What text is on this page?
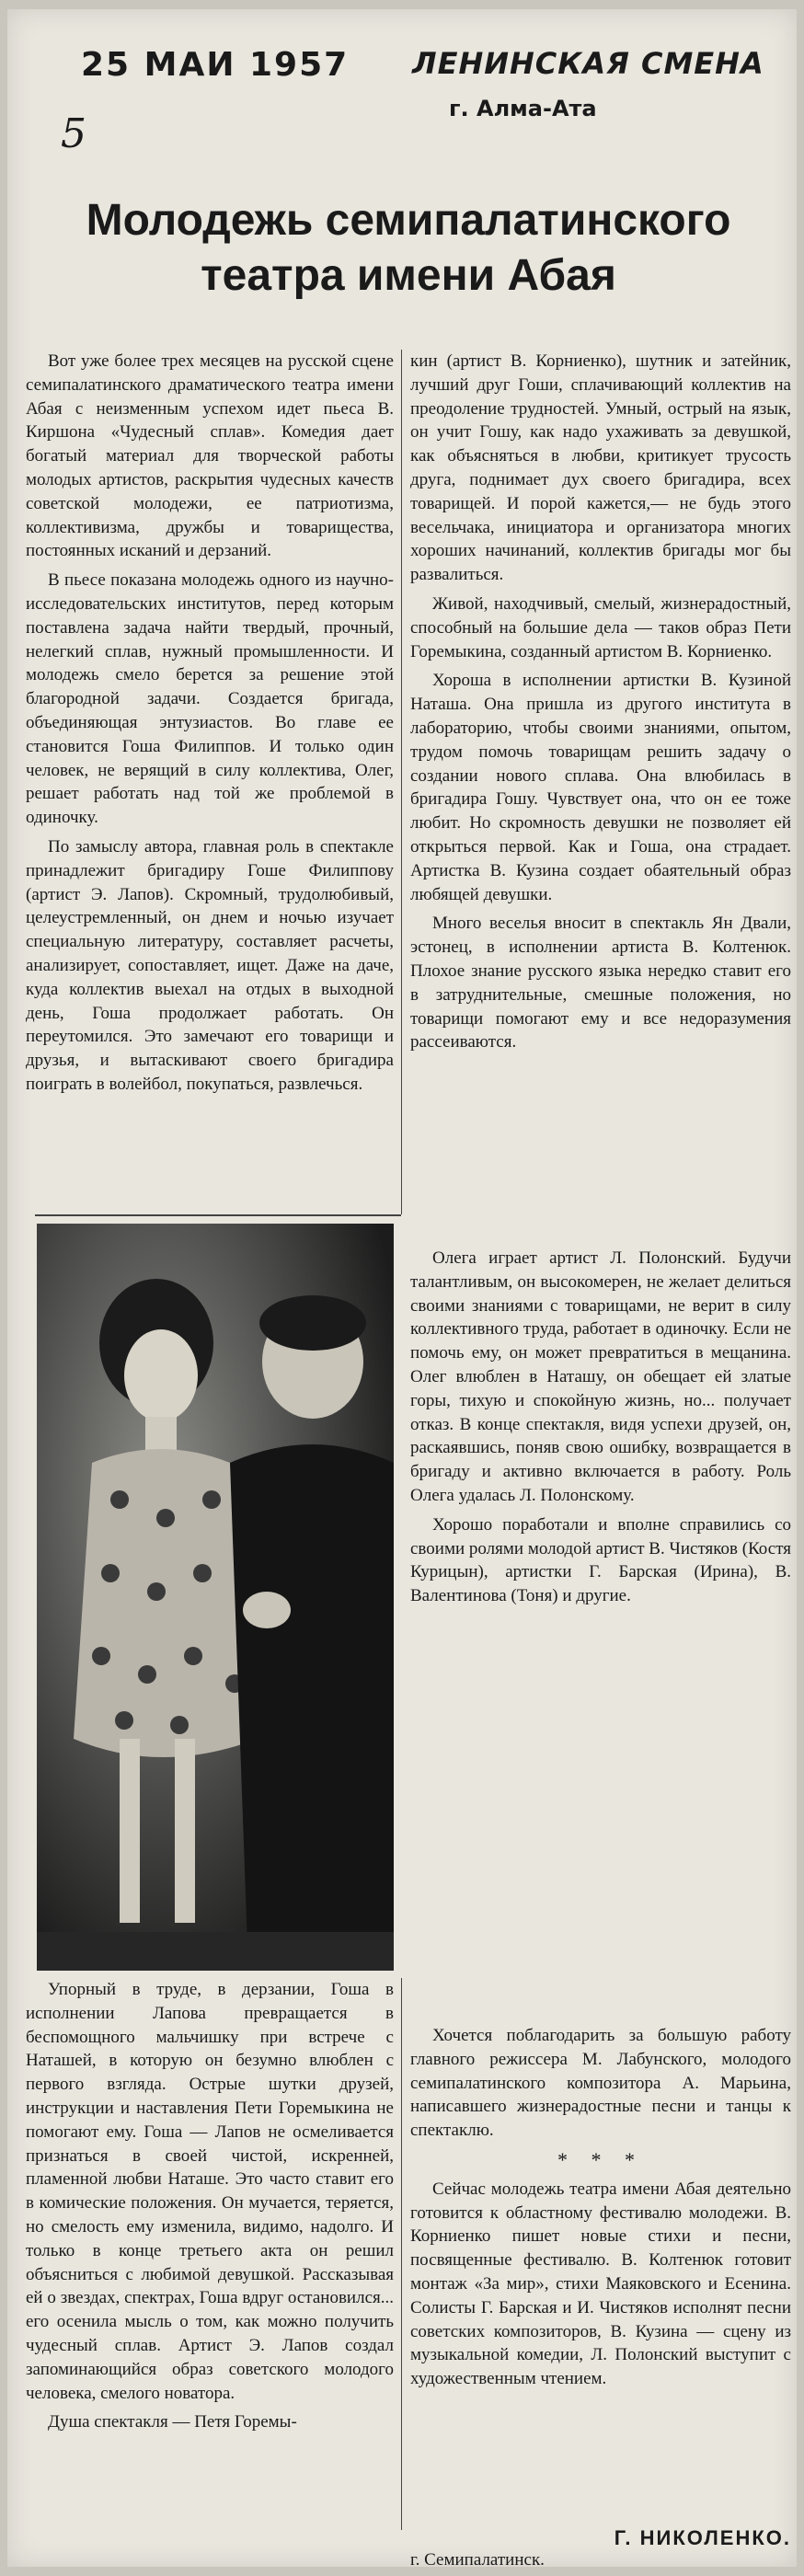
25 МАИ 1957 ЛЕНИНСКАЯ СМЕНА
г. Алма-Ата
5
Молодежь семипалатинского
театра имени Абая

Вот уже более трех месяцев на русской сцене семипалатинского драматического театра имени Абая с неизменным успехом идет пьеса В. Киршона «Чудесный сплав». Комедия дает богатый материал для творческой работы молодых артистов, раскрытия чудесных качеств советской молодежи, ее патриотизма, коллективизма, дружбы и товарищества, постоянных исканий и дерзаний.

В пьесе показана молодежь одного из научно-исследовательских институтов, перед которым поставлена задача найти твердый, прочный, нелегкий сплав, нужный промышленности. И молодежь смело берется за решение этой благородной задачи. Создается бригада, объединяющая энтузиастов. Во главе ее становится Гоша Филиппов. И только один человек, не верящий в силу коллектива, Олег, решает работать над той же проблемой в одиночку.

По замыслу автора, главная роль в спектакле принадлежит бригадиру Гоше Филиппову (артист Э. Лапов). Скромный, трудолюбивый, целеустремленный, он днем и ночью изучает специальную литературу, составляет расчеты, анализирует, сопоставляет, ищет. Даже на даче, куда коллектив выехал на отдых в выходной день, Гоша продолжает работать. Он переутомился. Это замечают его товарищи и друзья, и вытаскивают своего бригадира поиграть в волейбол, покупаться, развлечься.

кин (артист В. Корниенко), шутник и затейник, лучший друг Гоши, сплачивающий коллектив на преодоление трудностей. Умный, острый на язык, он учит Гошу, как надо ухаживать за девушкой, как объясняться в любви, критикует трусость друга, поднимает дух своего бригадира, всех товарищей. И порой кажется,— не будь этого весельчака, инициатора и организатора многих хороших начинаний, коллектив бригады мог бы развалиться.

Живой, находчивый, смелый, жизнерадостный, способный на большие дела — таков образ Пети Горемыкина, созданный артистом В. Корниенко.

Хороша в исполнении артистки В. Кузиной Наташа. Она пришла из другого института в лабораторию, чтобы своими знаниями, опытом, трудом помочь товарищам решить задачу о создании нового сплава. Она влюбилась в бригадира Гошу. Чувствует она, что он ее тоже любит. Но скромность девушки не позволяет ей открыться первой. Как и Гоша, она страдает. Артистка В. Кузина создает обаятельный образ любящей девушки.

Много веселья вносит в спектакль Ян Двали, эстонец, в исполнении артиста В. Колтенюк. Плохое знание русского языка нередко ставит его в затруднительные, смешные положения, но товарищи помогают ему и все недоразумения рассеиваются.

Олега играет артист Л. Полонский. Будучи талантливым, он высокомерен, не желает делиться своими знаниями с товарищами, не верит в силу коллективного труда, работает в одиночку. Если не помочь ему, он может превратиться в мещанина. Олег влюблен в Наташу, он обещает ей златые горы, тихую и спокойную жизнь, но... получает отказ. В конце спектакля, видя успехи друзей, он, раскаявшись, поняв свою ошибку, возвращается в бригаду и активно включается в работу. Роль Олега удалась Л. Полонскому.

Хорошо поработали и вполне справились со своими ролями молодой артист В. Чистяков (Костя Курицын), артистки Г. Барская (Ирина), В. Валентинова (Тоня) и другие.

Упорный в труде, в дерзании, Гоша в исполнении Лапова превращается в беспомощного мальчишку при встрече с Наташей, в которую он безумно влюблен с первого взгляда. Острые шутки друзей, инструкции и наставления Пети Горемыкина не помогают ему. Гоша — Лапов не осмеливается признаться в своей чистой, искренней, пламенной любви Наташе. Это часто ставит его в комические положения. Он мучается, теряется, но смелость ему изменила, видимо, надолго. И только в конце третьего акта он решил объясниться с любимой девушкой. Рассказывая ей о звездах, спектрах, Гоша вдруг остановился... его осенила мысль о том, как можно получить чудесный сплав. Артист Э. Лапов создал запоминающийся образ советского молодого человека, смелого новатора.

Душа спектакля — Петя Горемы-

Хочется поблагодарить за большую работу главного режиссера М. Лабунского, молодого семипалатинского композитора А. Марьина, написавшего жизнерадостные песни и танцы к спектаклю.

* * *

Сейчас молодежь театра имени Абая деятельно готовится к областному фестивалю молодежи. В. Корниенко пишет новые стихи и песни, посвященные фестивалю. В. Колтенюк готовит монтаж «За мир», стихи Маяковского и Есенина. Солисты Г. Барская и И. Чистяков исполнят песни советских композиторов, В. Кузина — сцену из музыкальной комедии, Л. Полонский выступит с художественным чтением.

Г. НИКОЛЕНКО.
г. Семипалатинск.
